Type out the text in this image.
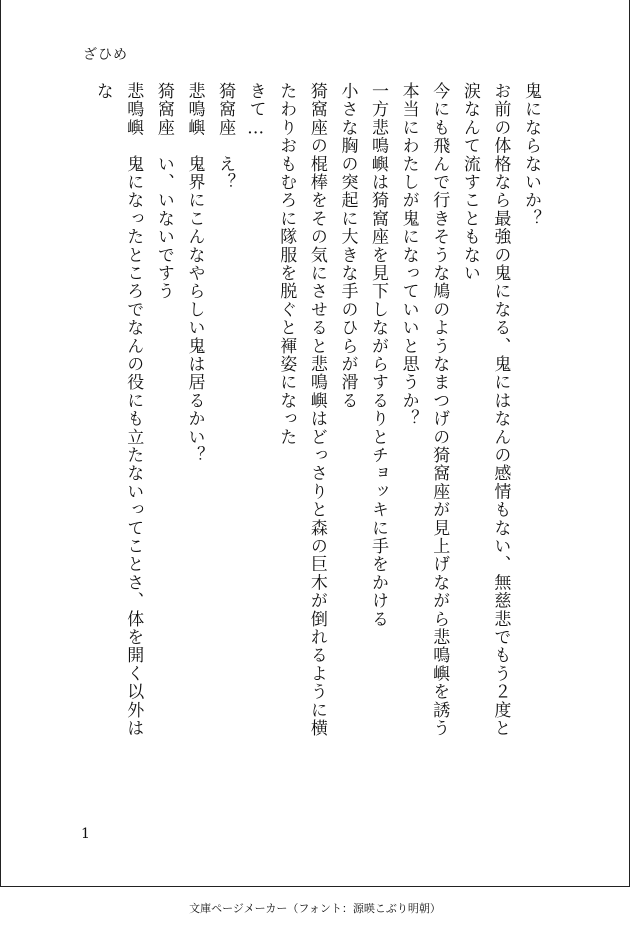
ざひめ
鬼にならないか？
お前の体格なら最強の鬼になる、鬼にはなんの感情もない、無慈悲でもう２度と
涙なんて流すこともない
今にも飛んで行きそうな鳩のようなまつげの猗窩座が見上げながら悲鳴嶼を誘う
本当にわたしが鬼になっていいと思うか？
一方悲鳴嶼は猗窩座を見下しながらするりとチョッキに手をかける
小さな胸の突起に大きな手のひらが滑る
猗窩座の棍棒をその気にさせると悲鳴嶼はどっさりと森の巨木が倒れるように横
たわりおもむろに隊服を脱ぐと褌姿になった
きて…
猗窩座　え？
悲鳴嶼　鬼界にこんなやらしい鬼は居るかい？
猗窩座　い、いないですう
悲鳴嶼　鬼になったところでなんの役にも立たないってことさ、体を開く以外は
な
1
文庫ページメーカー（フォント：源暎こぶり明朝）
